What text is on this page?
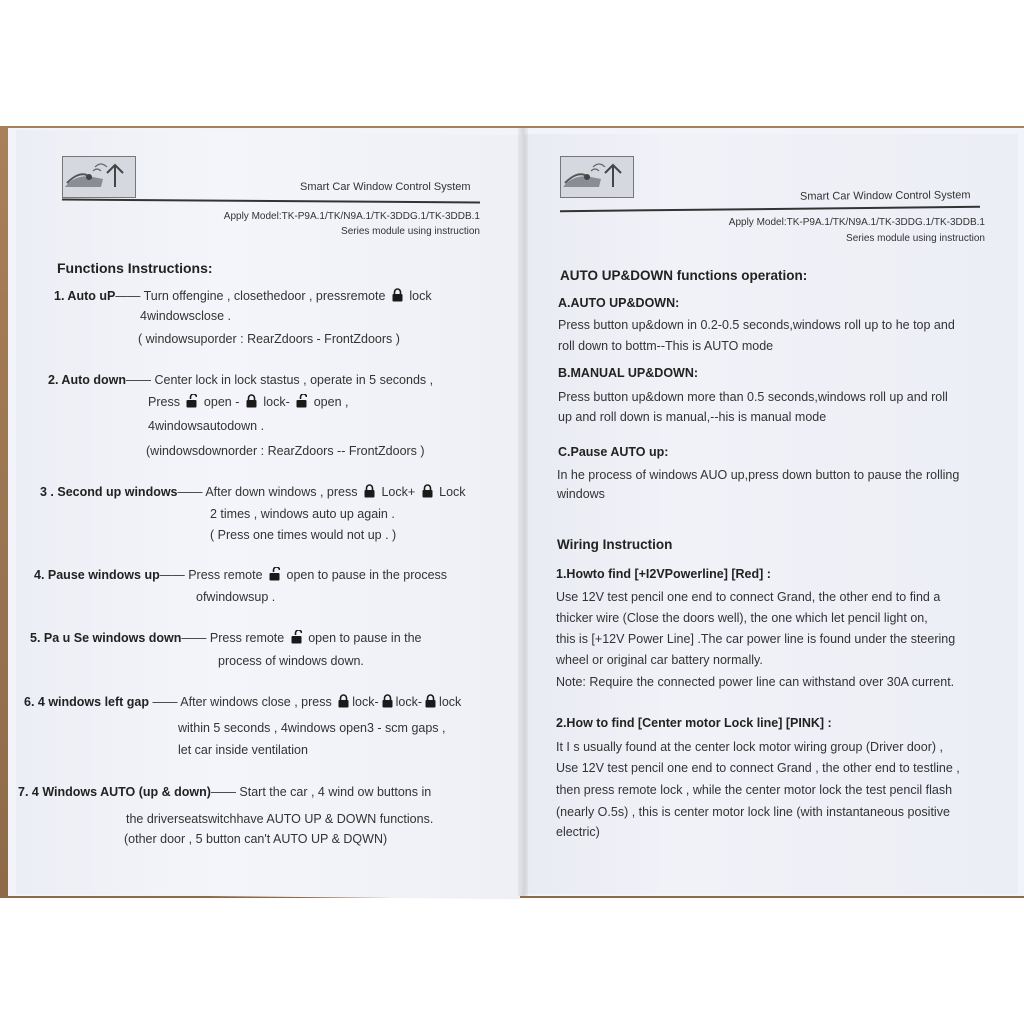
Smart Car Window Control System
Apply Model:TK-P9A.1/TK/N9A.1/TK-3DDG.1/TK-3DDB.1
Series module using instruction
Smart Car Window Control System
Apply Model:TK-P9A.1/TK/N9A.1/TK-3DDG.1/TK-3DDB.1
Series module using instruction
Functions Instructions:
1. Auto uP—— Turn offengine , closethedoor , pressremote lock
4windowsclose .
( windowsuporder : RearZdoors - FrontZdoors )
2. Auto down—— Center lock in lock stastus , operate in 5 seconds ,
Press open - lock- open ,
4windowsautodown .
(windowsdownorder : RearZdoors -- FrontZdoors )
3 . Second up windows—— After down windows , press Lock+ Lock
2 times , windows auto up again .
( Press one times would not up . )
4. Pause windows up—— Press remote open to pause in the process
ofwindowsup .
5. Pa u Se windows down—— Press remote open to pause in the
process of windows down.
6. 4 windows left gap —— After windows close , press lock- lock- lock
within 5 seconds , 4windows open3 - scm gaps ,
let car inside ventilation
7. 4 Windows AUTO (up & down)—— Start the car , 4 wind ow buttons in
the driverseatswitchhave AUTO UP & DOWN functions.
(other door , 5 button can't AUTO UP & DQWN)
AUTO UP&DOWN functions operation:
A.AUTO UP&DOWN:
Press button up&down in 0.2-0.5 seconds,windows roll up to he top and
roll down to bottm--This is AUTO mode
B.MANUAL UP&DOWN:
Press button up&down more than 0.5 seconds,windows roll up and roll
up and roll down is manual,--his is manual mode
C.Pause AUTO up:
In he process of windows AUO up,press down button to pause the rolling
windows
Wiring Instruction
1.Howto find [+I2VPowerline] [Red] :
Use 12V test pencil one end to connect Grand, the other end to find a
thicker wire (Close the doors well), the one which let pencil light on,
this is [+12V Power Line] .The car power line is found under the steering
wheel or original car battery normally.
Note: Require the connected power line can withstand over 30A current.
2.How to find [Center motor Lock line] [PINK] :
It I s usually found at the center lock motor wiring group (Driver door) ,
Use 12V test pencil one end to connect Grand , the other end to testline ,
then press remote lock , while the center motor lock the test pencil flash
(nearly O.5s) , this is center motor lock line (with instantaneous positive
electric)
